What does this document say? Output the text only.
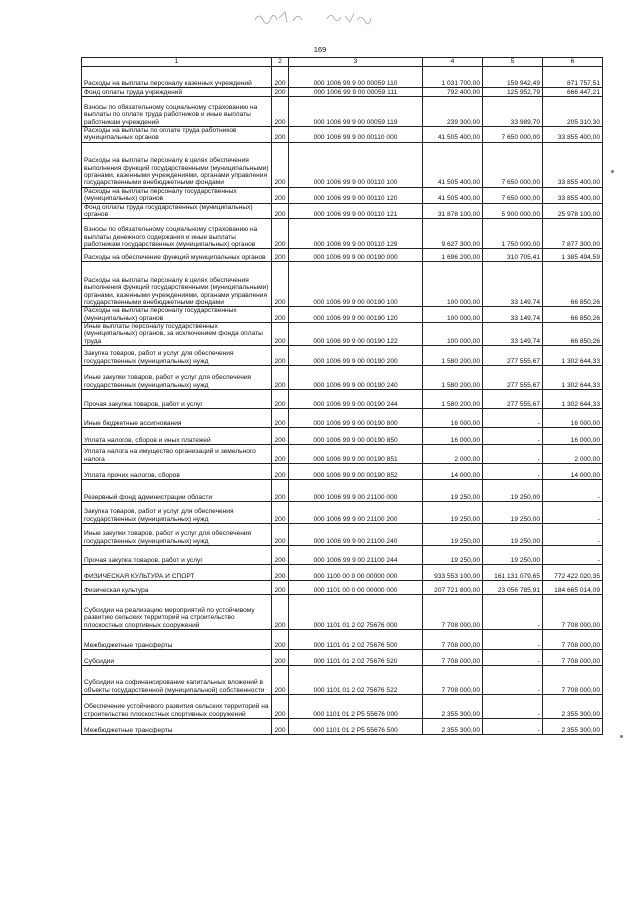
169
1	2	3	4	5	6
Расходы на выплаты персоналу казенных учреждений	200	000 1006 99 9 00 00059 110	1 031 700,00	159 942,49	871 757,51
Фонд оплаты труда учреждений	200	000 1006 99 9 00 00059 111	792 400,00	125 952,79	666 447,21
Взносы по обязательному социальному страхованию на выплаты по оплате труда работников и иные выплаты работникам учреждений	200	000 1006 99 9 00 00059 119	239 300,00	33 989,70	205 310,30
Расходы на выплаты по оплате труда работников муниципальных органов	200	000 1006 99 9 00 00110 000	41 505 400,00	7 650 000,00	33 855 400,00
Расходы на выплаты персоналу в целях обеспечения выполнения функций государственными (муниципальными) органами, казенными учреждениями, органами управления государственными внебюджетными фондами	200	000 1006 99 9 00 00110 100	41 505 400,00	7 650 000,00	33 855 400,00
Расходы на выплаты персоналу государственных (муниципальных) органов	200	000 1006 99 9 00 00110 120	41 505 400,00	7 650 000,00	33 855 400,00
Фонд оплаты труда государственных (муниципальных) органов	200	000 1006 99 9 00 00110 121	31 878 100,00	5 900 000,00	25 978 100,00
Взносы по обязательному социальному страхованию на выплаты денежного содержания и иные выплаты работникам государственных (муниципальных) органов	200	000 1006 99 9 00 00110 129	9 627 300,00	1 750 000,00	7 877 300,00
Расходы на обеспечение функций муниципальных органов	200	000 1006 99 9 00 00190 000	1 696 200,00	310 705,41	1 385 494,59
Расходы на выплаты персоналу в целях обеспечения выполнения функций государственными (муниципальными) органами, казенными учреждениями, органами управления государственными внебюджетными фондами	200	000 1006 99 9 00 00190 100	100 000,00	33 149,74	66 850,26
Расходы на выплаты персоналу государственных (муниципальных) органов	200	000 1006 99 9 00 00190 120	100 000,00	33 149,74	66 850,26
Иные выплаты персоналу государственных (муниципальных) органов, за исключением фонда оплаты труда	200	000 1006 99 9 00 00190 122	100 000,00	33 149,74	66 850,26
Закупка товаров, работ и услуг для обеспечения государственных (муниципальных) нужд	200	000 1006 99 9 00 00190 200	1 580 200,00	277 555,67	1 302 644,33
Иные закупки товаров, работ и услуг для обеспечения государственных (муниципальных) нужд	200	000 1006 99 9 00 00190 240	1 580 200,00	277 555,67	1 302 644,33
Прочая закупка товаров, работ и услуг	200	000 1006 99 9 00 00190 244	1 580 200,00	277 555,67	1 302 644,33
Иные бюджетные ассигнования	200	000 1006 99 9 00 00190 800	16 000,00	-	16 000,00
Уплата налогов, сборов и иных платежей	200	000 1006 99 9 00 00190 850	16 000,00	-	16 000,00
Уплата налога на имущество организаций и земельного налога	200	000 1006 99 9 00 00190 851	2 000,00	-	2 000,00
Уплата прочих налогов, сборов	200	000 1006 99 9 00 00190 852	14 000,00	-	14 000,00
Резервный фонд администрации области	200	000 1006 99 9 00 21100 000	19 250,00	19 250,00	-
Закупка товаров, работ и услуг для обеспечения государственных (муниципальных) нужд	200	000 1006 99 9 00 21100 200	19 250,00	19 250,00	-
Иные закупки товаров, работ и услуг для обеспечения государственных (муниципальных) нужд	200	000 1006 99 9 00 21100 240	19 250,00	19 250,00	-
Прочая закупка товаров, работ и услуг	200	000 1006 99 9 00 21100 244	19 250,00	19 250,00	-
ФИЗИЧЕСКАЯ КУЛЬТУРА И СПОРТ	200	000 1100 00 0 00 00000 000	933 553 100,00	161 131 079,65	772 422 020,35
Физическая культура	200	000 1101 00 0 00 00000 000	207 721 800,00	23 056 785,91	184 665 014,09
Субсидии на реализацию мероприятий по устойчивому развитию сельских территорий на строительство плоскостных спортивных сооружений	200	000 1101 01 2 02 75676 000	7 708 000,00	-	7 708 000,00
Межбюджетные трансферты	200	000 1101 01 2 02 75676 500	7 708 000,00	-	7 708 000,00
Субсидии	200	000 1101 01 2 02 75676 520	7 708 000,00	-	7 708 000,00
Субсидии на софинансирование капитальных вложений в объекты государственной (муниципальной) собственности	200	000 1101 01 2 02 75676 522	7 708 000,00	-	7 708 000,00
Обеспечение устойчивого развития сельских территорий на строительство плоскостных спортивных сооружений	200	000 1101 01 2 P5 55676 000	2 355 300,00	-	2 355 300,00
Межбюджетные трансферты	200	000 1101 01 2 P5 55676 500	2 355 300,00	-	2 355 300,00
